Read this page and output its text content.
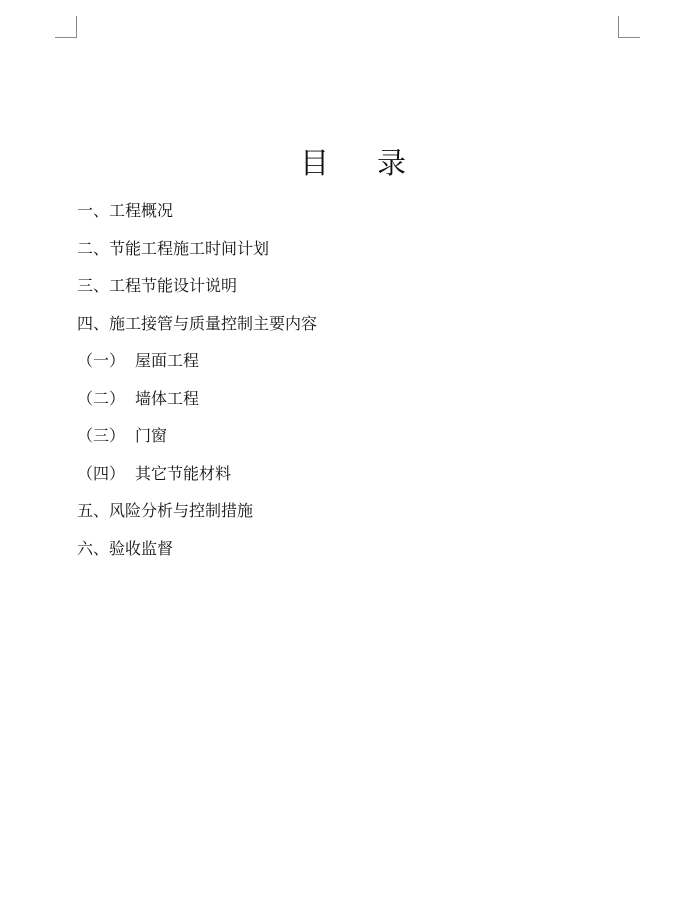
目 录
一、 工程概况
二、 节能工程施工时间计划
三、 工程节能设计说明
四、 施工接管与质量控制主要内容
（一） 屋面工程
（二） 墙体工程
（三） 门窗
（四） 其它节能材料
五、 风险分析与控制措施
六、 验收监督
